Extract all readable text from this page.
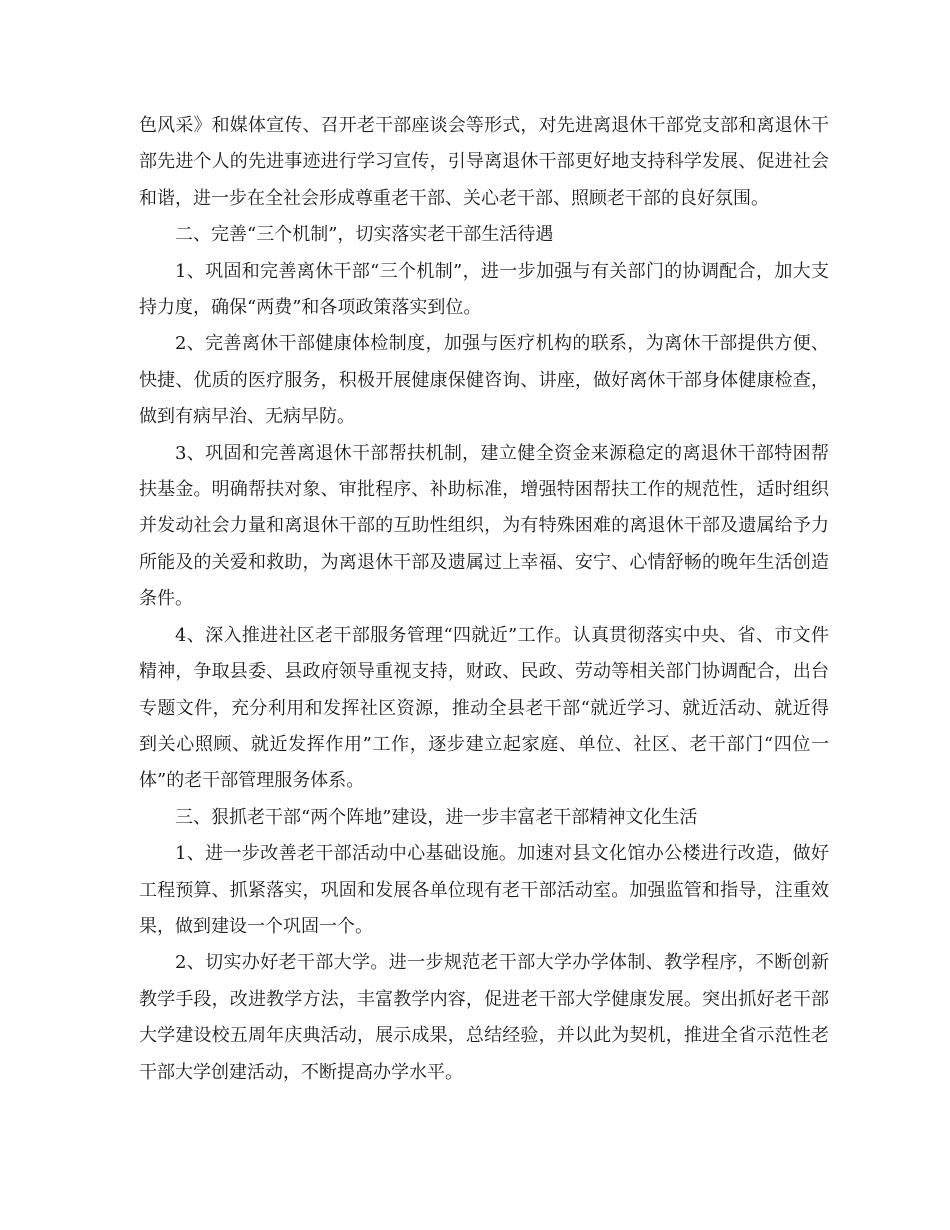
色风采》和媒体宣传、召开老干部座谈会等形式，对先进离退休干部党支部和离退休干部先进个人的先进事迹进行学习宣传，引导离退休干部更好地支持科学发展、促进社会和谐，进一步在全社会形成尊重老干部、关心老干部、照顾老干部的良好氛围。

二、完善“三个机制”，切实落实老干部生活待遇

1、巩固和完善离休干部“三个机制”，进一步加强与有关部门的协调配合，加大支持力度，确保“两费”和各项政策落实到位。

2、完善离休干部健康体检制度，加强与医疗机构的联系，为离休干部提供方便、快捷、优质的医疗服务，积极开展健康保健咨询、讲座，做好离休干部身体健康检查，做到有病早治、无病早防。

3、巩固和完善离退休干部帮扶机制，建立健全资金来源稳定的离退休干部特困帮扶基金。明确帮扶对象、审批程序、补助标准，增强特困帮扶工作的规范性，适时组织并发动社会力量和离退休干部的互助性组织，为有特殊困难的离退休干部及遗属给予力所能及的关爱和救助，为离退休干部及遗属过上幸福、安宁、心情舒畅的晚年生活创造条件。

4、深入推进社区老干部服务管理“四就近”工作。认真贯彻落实中央、省、市文件精神，争取县委、县政府领导重视支持，财政、民政、劳动等相关部门协调配合，出台专题文件，充分利用和发挥社区资源，推动全县老干部“就近学习、就近活动、就近得到关心照顾、就近发挥作用”工作，逐步建立起家庭、单位、社区、老干部门“四位一体”的老干部管理服务体系。

三、狠抓老干部“两个阵地”建设，进一步丰富老干部精神文化生活

1、进一步改善老干部活动中心基础设施。加速对县文化馆办公楼进行改造，做好工程预算、抓紧落实，巩固和发展各单位现有老干部活动室。加强监管和指导，注重效果，做到建设一个巩固一个。

2、切实办好老干部大学。进一步规范老干部大学办学体制、教学程序，不断创新教学手段，改进教学方法，丰富教学内容，促进老干部大学健康发展。突出抓好老干部大学建设校五周年庆典活动，展示成果，总结经验，并以此为契机，推进全省示范性老干部大学创建活动，不断提高办学水平。
